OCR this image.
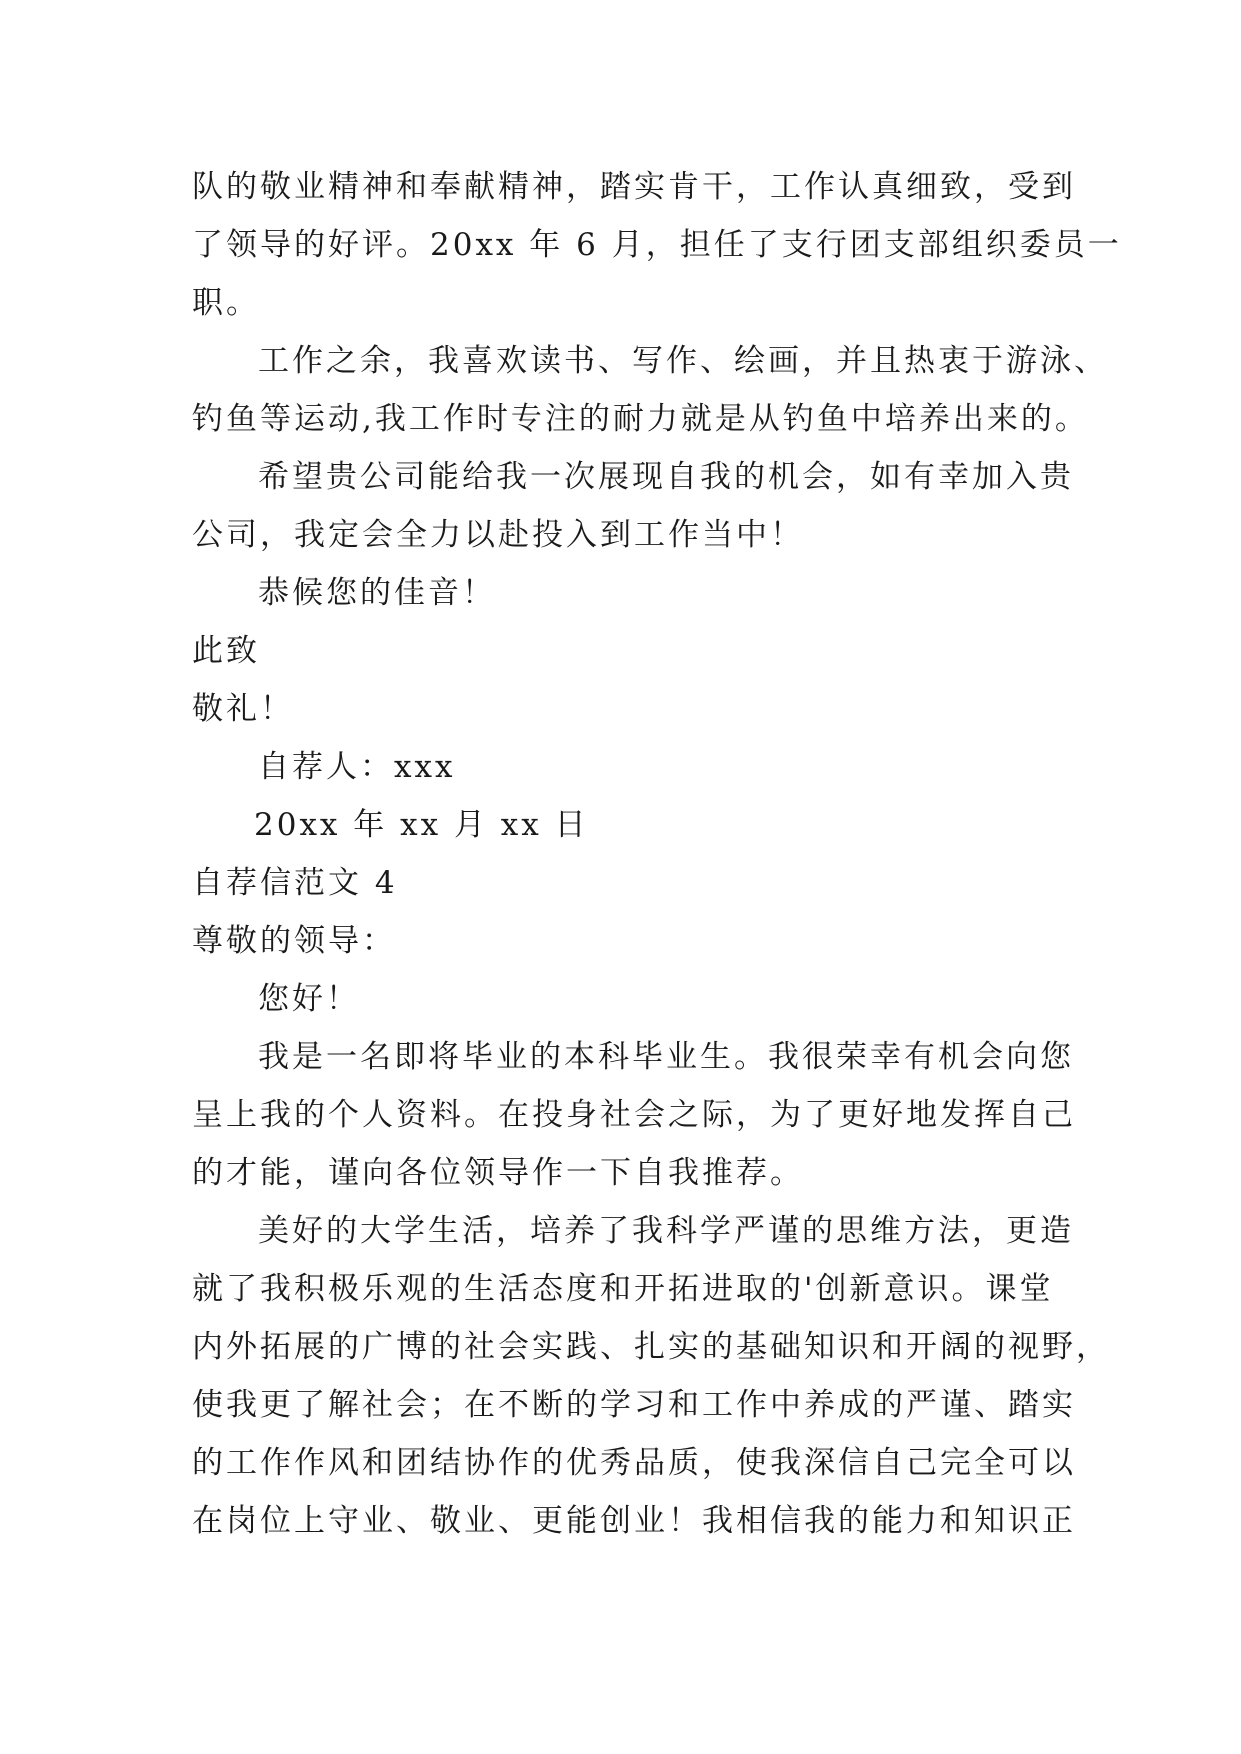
队的敬业精神和奉献精神，踏实肯干，工作认真细致，受到
了领导的好评。20xx 年 6 月，担任了支行团支部组织委员一
职。
工作之余，我喜欢读书、写作、绘画，并且热衷于游泳、
钓鱼等运动,我工作时专注的耐力就是从钓鱼中培养出来的。
希望贵公司能给我一次展现自我的机会，如有幸加入贵
公司，我定会全力以赴投入到工作当中！
恭候您的佳音！
此致
敬礼！
自荐人：xxx
20xx 年 xx 月 xx 日
自荐信范文 4
尊敬的领导：
您好！
我是一名即将毕业的本科毕业生。我很荣幸有机会向您
呈上我的个人资料。在投身社会之际，为了更好地发挥自己
的才能，谨向各位领导作一下自我推荐。
美好的大学生活，培养了我科学严谨的思维方法，更造
就了我积极乐观的生活态度和开拓进取的'创新意识。课堂
内外拓展的广博的社会实践、扎实的基础知识和开阔的视野，
使我更了解社会；在不断的学习和工作中养成的严谨、踏实
的工作作风和团结协作的优秀品质，使我深信自己完全可以
在岗位上守业、敬业、更能创业！我相信我的能力和知识正
